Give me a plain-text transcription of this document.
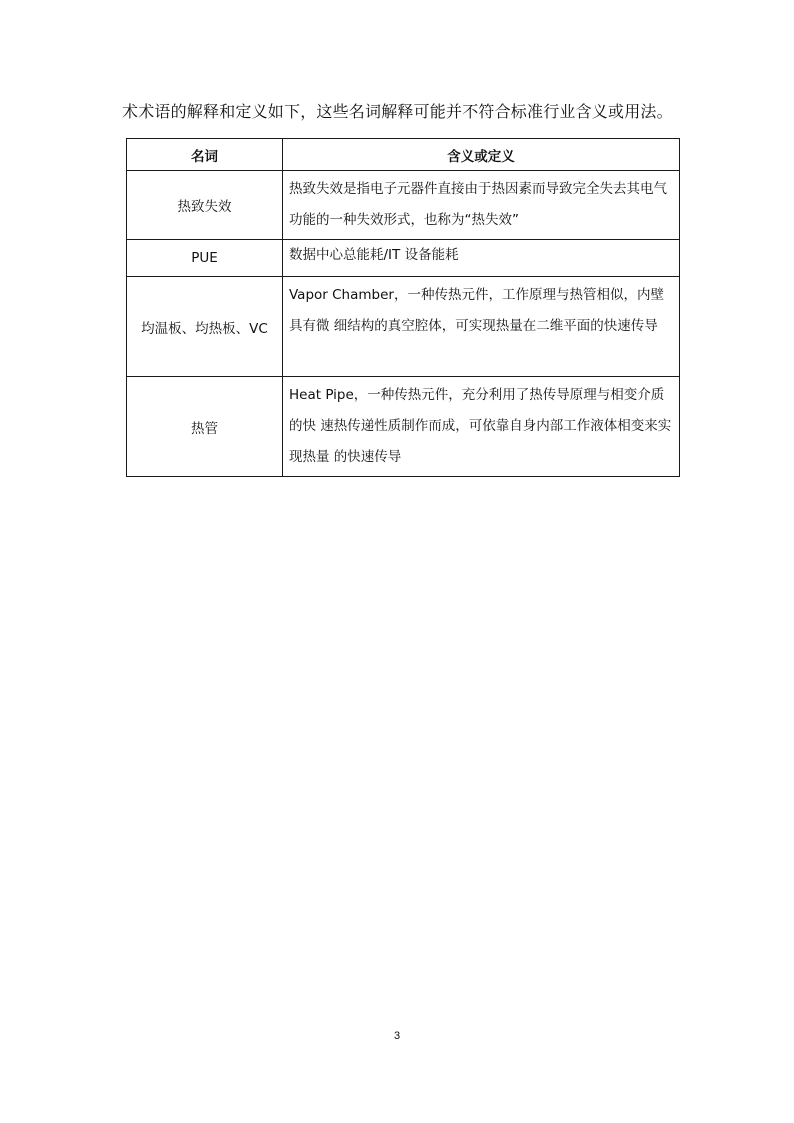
术术语的解释和定义如下，这些名词解释可能并不符合标准行业含义或用法。
名词	含义或定义
热致失效	热致失效是指电子元器件直接由于热因素而导致完全失去其电气功能的一种失效形式，也称为“热失效”
PUE	数据中心总能耗/IT 设备能耗
均温板、均热板、VC	Vapor Chamber，一种传热元件，工作原理与热管相似，内壁具有微 细结构的真空腔体，可实现热量在二维平面的快速传导
热管	Heat Pipe，一种传热元件，充分利用了热传导原理与相变介质的快 速热传递性质制作而成，可依靠自身内部工作液体相变来实现热量 的快速传导
3
